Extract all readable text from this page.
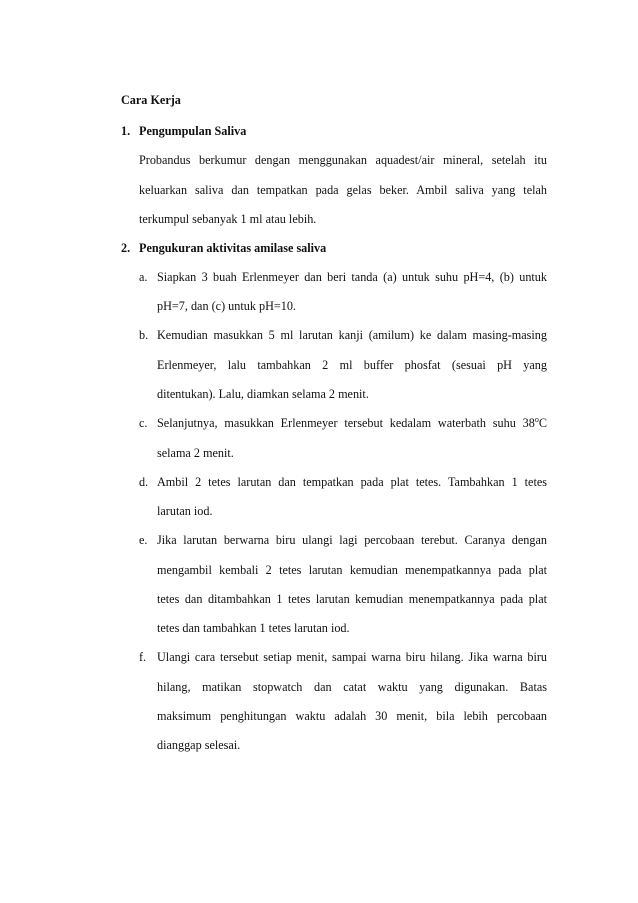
Cara Kerja
1. Pengumpulan Saliva
Probandus berkumur dengan menggunakan aquadest/air mineral, setelah itu
keluarkan saliva dan tempatkan pada gelas beker. Ambil saliva yang telah
terkumpul sebanyak 1 ml atau lebih.
2. Pengukuran aktivitas amilase saliva
a. Siapkan 3 buah Erlenmeyer dan beri tanda (a) untuk suhu pH=4, (b) untuk
pH=7, dan (c) untuk pH=10.
b. Kemudian masukkan 5 ml larutan kanji (amilum) ke dalam masing-masing
Erlenmeyer, lalu tambahkan 2 ml buffer phosfat (sesuai pH yang
ditentukan). Lalu, diamkan selama 2 menit.
c. Selanjutnya, masukkan Erlenmeyer tersebut kedalam waterbath suhu 38$^o$C
selama 2 menit.
d. Ambil 2 tetes larutan dan tempatkan pada plat tetes. Tambahkan 1 tetes
larutan iod.
e. Jika larutan berwarna biru ulangi lagi percobaan terebut. Caranya dengan
mengambil kembali 2 tetes larutan kemudian menempatkannya pada plat
tetes dan ditambahkan 1 tetes larutan kemudian menempatkannya pada plat
tetes dan tambahkan 1 tetes larutan iod.
f. Ulangi cara tersebut setiap menit, sampai warna biru hilang. Jika warna biru
hilang, matikan stopwatch dan catat waktu yang digunakan. Batas
maksimum penghitungan waktu adalah 30 menit, bila lebih percobaan
dianggap selesai.
